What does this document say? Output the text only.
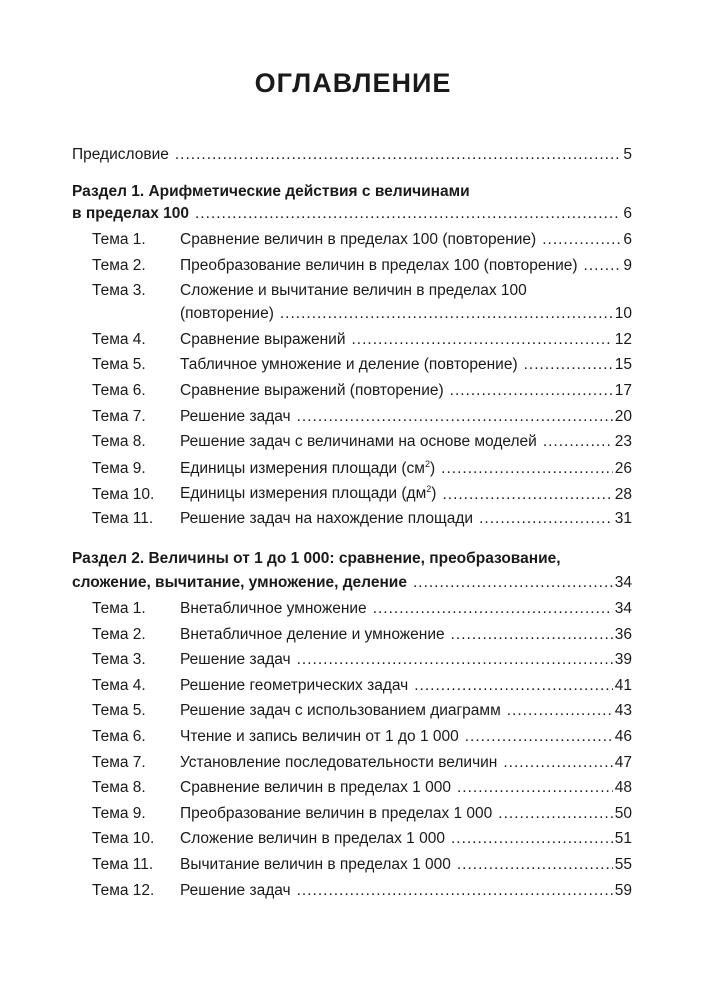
ОГЛАВЛЕНИЕ
Предисловие .....	5
Раздел 1. Арифметические действия с величинами
в пределах 100 .....	6
Тема 1.	Сравнение величин в пределах 100 (повторение) .....	6
Тема 2.	Преобразование величин в пределах 100 (повторение) .....	9
Тема 3.	Сложение и вычитание величин в пределах 100
(повторение) .....	10
Тема 4.	Сравнение выражений .....	12
Тема 5.	Табличное умножение и деление (повторение) .....	15
Тема 6.	Сравнение выражений (повторение) .....	17
Тема 7.	Решение задач .....	20
Тема 8.	Решение задач с величинами на основе моделей .....	23
Тема 9.	Единицы измерения площади $(см^2)$ .....	26
Тема 10.	Единицы измерения площади $(дм^2)$ .....	28
Тема 11.	Решение задач на нахождение площади .....	31
Раздел 2. Величины от 1 до 1 000: сравнение, преобразование,
сложение, вычитание, умножение, деление .....	34
Тема 1.	Внетабличное умножение .....	34
Тема 2.	Внетабличное деление и умножение .....	36
Тема 3.	Решение задач .....	39
Тема 4.	Решение геометрических задач .....	41
Тема 5.	Решение задач с использованием диаграмм .....	43
Тема 6.	Чтение и запись величин от 1 до 1 000 .....	46
Тема 7.	Установление последовательности величин .....	47
Тема 8.	Сравнение величин в пределах 1 000 .....	48
Тема 9.	Преобразование величин в пределах 1 000 .....	50
Тема 10.	Сложение величин в пределах 1 000 .....	51
Тема 11.	Вычитание величин в пределах 1 000 .....	55
Тема 12.	Решение задач .....	59
